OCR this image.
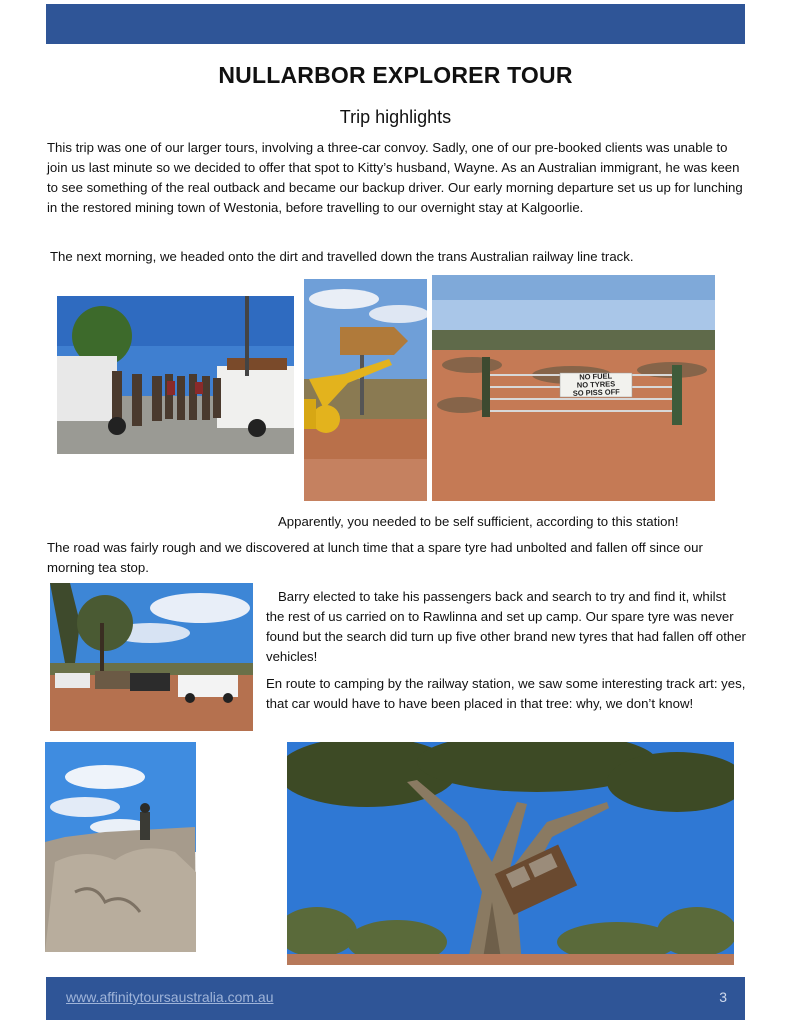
NULLARBOR EXPLORER TOUR
Trip highlights

This trip was one of our larger tours, involving a three-car convoy. Sadly, one of our pre-booked clients was unable to join us last minute so we decided to offer that spot to Kitty’s husband, Wayne. As an Australian immigrant, he was keen to see something of the real outback and became our backup driver. Our early morning departure set us up for lunching in the restored mining town of Westonia, before travelling to our overnight stay at Kalgoorlie.

The next morning, we headed onto the dirt and travelled down the trans Australian railway line track.

NO FUEL
NO TYRES
SO PISS OFF

Apparently, you needed to be self sufficient, according to this station!

The road was fairly rough and we discovered at lunch time that a spare tyre had unbolted and fallen off since our morning tea stop.

Barry elected to take his passengers back and search to try and find it, whilst the rest of us carried on to Rawlinna and set up camp. Our spare tyre was never found but the search did turn up five other brand new tyres that had fallen off other vehicles!

En route to camping by the railway station, we saw some interesting track art: yes, that car would have to have been placed in that tree: why, we don’t know!

www.affinitytoursaustralia.com.au	3
